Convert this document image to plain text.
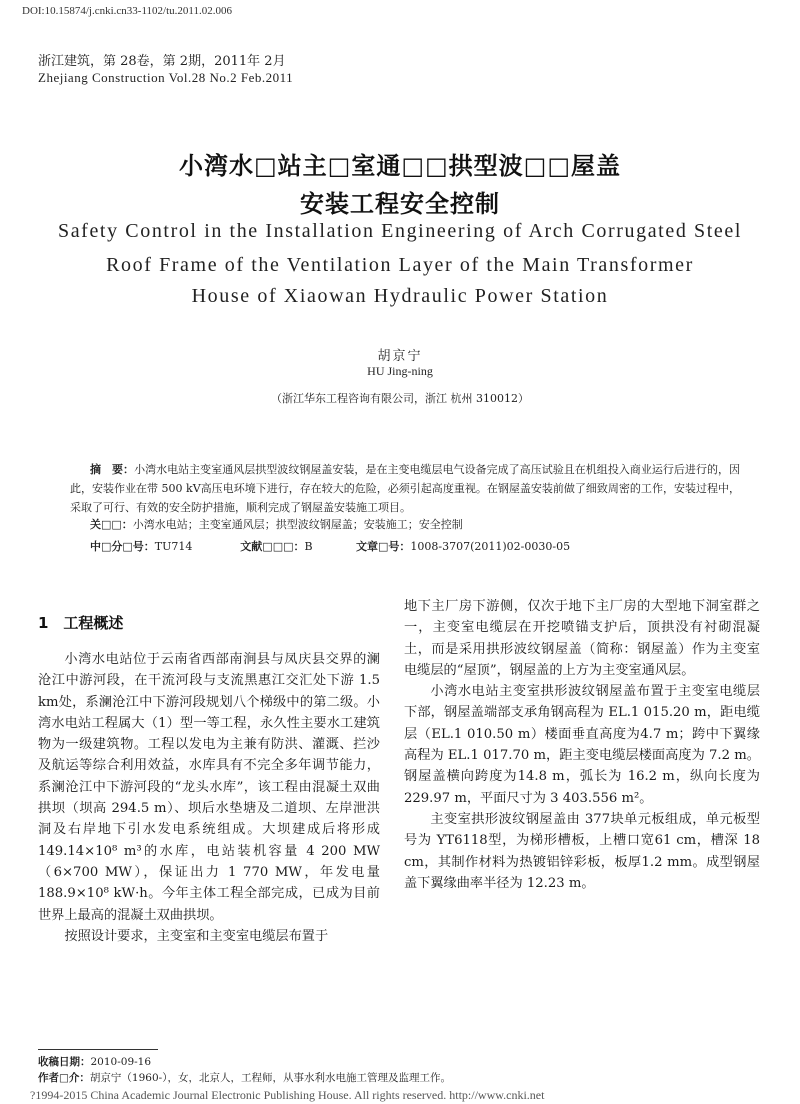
DOI:10.15874/j.cnki.cn33-1102/tu.2011.02.006
浙江建筑，第 28卷，第 2期，2011年 2月
Zhejiang Construction Vol.28 No.2 Feb.2011
小湾水□站主□室通□□拱型波□□屋盖
安装工程安全控制
Safety Control in the Installation Engineering of Arch Corrugated Steel
Roof Frame of the Ventilation Layer of the Main Transformer
House of Xiaowan Hydraulic Power Station
胡京宁
HU Jing-ning
（浙江华东工程咨询有限公司，浙江 杭州 310012）
摘　要：小湾水电站主变室通风层拱型波纹钢屋盖安装，是在主变电缆层电气设备完成了高压试验且在机组投入商业运行后进行的，因此，安装作业在带 500 kV高压电环境下进行，存在较大的危险，必须引起高度重视。在钢屋盖安装前做了细致周密的工作，安装过程中，采取了可行、有效的安全防护措施，顺利完成了钢屋盖安装施工项目。
关□□：小湾水电站；主变室通风层；拱型波纹钢屋盖；安装施工；安全控制
中□分□号：TU714	文献□□□：B	文章□号：1008-3707(2011)02-0030-05
1　工程概述

小湾水电站位于云南省西部南涧县与凤庆县交界的澜沧江中游河段，在干流河段与支流黑惠江交汇处下游 1.5 km处，系澜沧江中下游河段规划八个梯级中的第二级。小湾水电站工程属大（1）型一等工程，永久性主要水工建筑物为一级建筑物。工程以发电为主兼有防洪、灌溉、拦沙及航运等综合利用效益，水库具有不完全多年调节能力，系澜沧江中下游河段的“龙头水库”，该工程由混凝土双曲拱坝（坝高 294.5 m）、坝后水垫塘及二道坝、左岸泄洪洞及右岸地下引水发电系统组成。大坝建成后将形成 149.14×10⁸ m³的水库，电站装机容量 4 200 MW（6×700 MW），保证出力 1 770 MW，年发电量 188.9×10⁸ kW·h。今年主体工程全部完成，已成为目前世界上最高的混凝土双曲拱坝。

按照设计要求，主变室和主变室电缆层布置于

地下主厂房下游侧，仅次于地下主厂房的大型地下洞室群之一，主变室电缆层在开挖喷锚支护后，顶拱没有衬砌混凝土，而是采用拱形波纹钢屋盖（简称：钢屋盖）作为主变室电缆层的“屋顶”，钢屋盖的上方为主变室通风层。

小湾水电站主变室拱形波纹钢屋盖布置于主变室电缆层下部，钢屋盖端部支承角钢高程为 EL.1 015.20 m，距电缆层（EL.1 010.50 m）楼面垂直高度为4.7 m；跨中下翼缘高程为 EL.1 017.70 m，距主变电缆层楼面高度为 7.2 m。钢屋盖横向跨度为14.8 m，弧长为 16.2 m，纵向长度为 229.97 m，平面尺寸为 3 403.556 m²。

主变室拱形波纹钢屋盖由 377块单元板组成，单元板型号为 YT6118型，为梯形槽板，上槽口宽61 cm，槽深 18 cm，其制作材料为热镀铝锌彩板，板厚1.2 mm。成型钢屋盖下翼缘曲率半径为 12.23 m。

收稿日期：2010-09-16
作者□介：胡京宁（1960-），女，北京人，工程师，从事水利水电施工管理及监理工作。
?1994-2015 China Academic Journal Electronic Publishing House. All rights reserved. http://www.cnki.net
